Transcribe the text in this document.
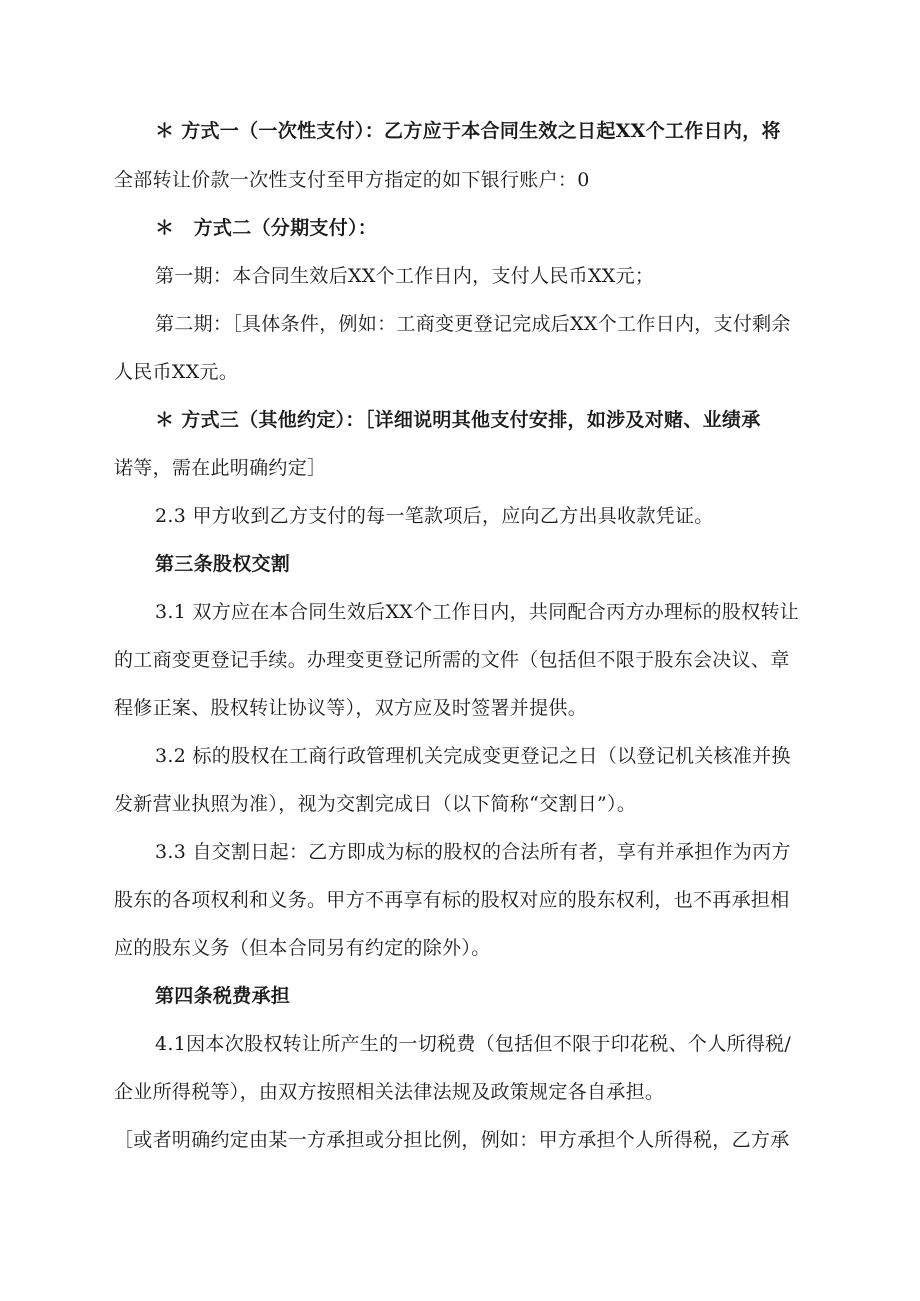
＊ 方式一（一次性支付）：乙方应于本合同生效之日起XX个工作日内，将
全部转让价款一次性支付至甲方指定的如下银行账户：0
＊　方式二（分期支付）：
第一期：本合同生效后XX个工作日内，支付人民币XX元；
第二期：［具体条件，例如：工商变更登记完成后XX个工作日内，支付剩余
人民币XX元。
＊ 方式三（其他约定）：［详细说明其他支付安排，如涉及对赌、业绩承
诺等，需在此明确约定］
2.3 甲方收到乙方支付的每一笔款项后，应向乙方出具收款凭证。
第三条股权交割
3.1 双方应在本合同生效后XX个工作日内，共同配合丙方办理标的股权转让
的工商变更登记手续。办理变更登记所需的文件（包括但不限于股东会决议、章
程修正案、股权转让协议等），双方应及时签署并提供。
3.2 标的股权在工商行政管理机关完成变更登记之日（以登记机关核准并换
发新营业执照为准），视为交割完成日（以下简称“交割日”）。
3.3 自交割日起：乙方即成为标的股权的合法所有者，享有并承担作为丙方
股东的各项权利和义务。甲方不再享有标的股权对应的股东权利，也不再承担相
应的股东义务（但本合同另有约定的除外）。
第四条税费承担
4.1因本次股权转让所产生的一切税费（包括但不限于印花税、个人所得税/
企业所得税等），由双方按照相关法律法规及政策规定各自承担。
［或者明确约定由某一方承担或分担比例，例如：甲方承担个人所得税，乙方承
